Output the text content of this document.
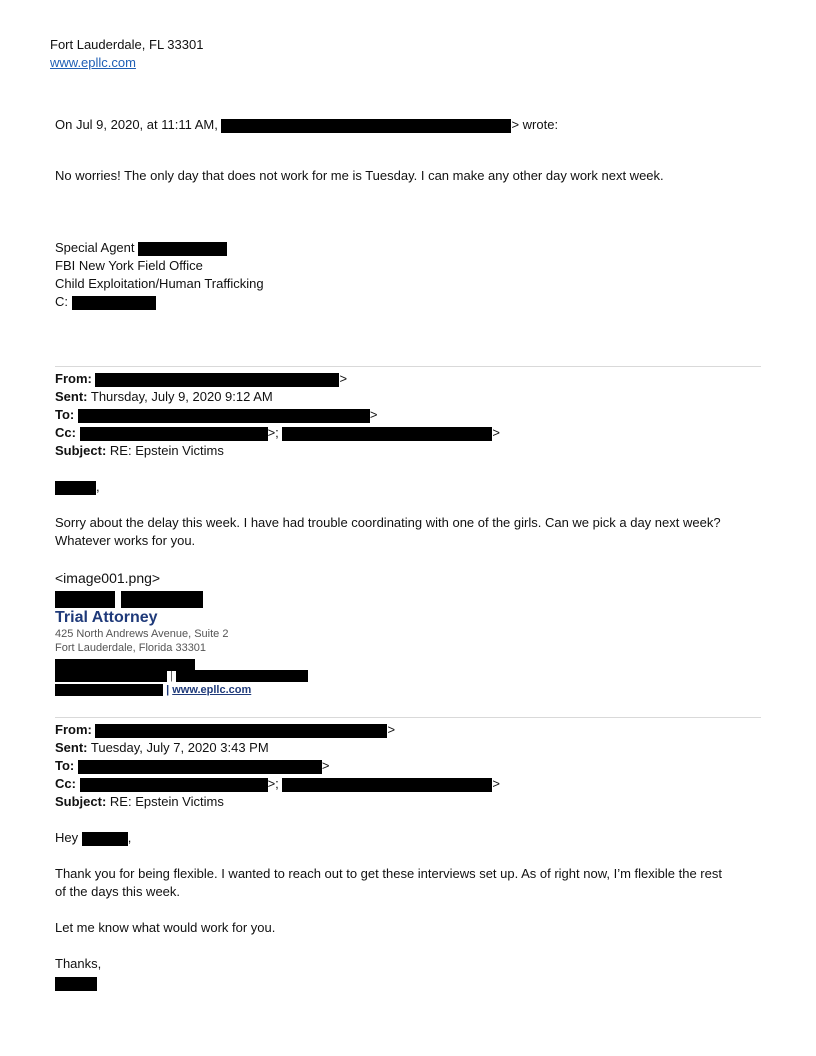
Fort Lauderdale, FL 33301
www.epllc.com
On Jul 9, 2020, at 11:11 AM,	> wrote:
No worries! The only day that does not work for me is Tuesday. I can make any other day work next week.
Special Agent
FBI New York Field Office
Child Exploitation/Human Trafficking
C:
From:	>
Sent: Thursday, July 9, 2020 9:12 AM
To:	>
Cc:	>;	>
Subject: RE: Epstein Victims
,
Sorry about the delay this week. I have had trouble coordinating with one of the girls. Can we pick a day next week?
Whatever works for you.
<image001.png>

Trial Attorney
425 North Andrews Avenue, Suite 2
Fort Lauderdale, Florida 33301
|
| www.epllc.com
From:	>
Sent: Tuesday, July 7, 2020 3:43 PM
To:	>
Cc:	>;	>
Subject: RE: Epstein Victims
Hey	,
Thank you for being flexible. I wanted to reach out to get these interviews set up. As of right now, I’m flexible the rest
of the days this week.
Let me know what would work for you.
Thanks,
